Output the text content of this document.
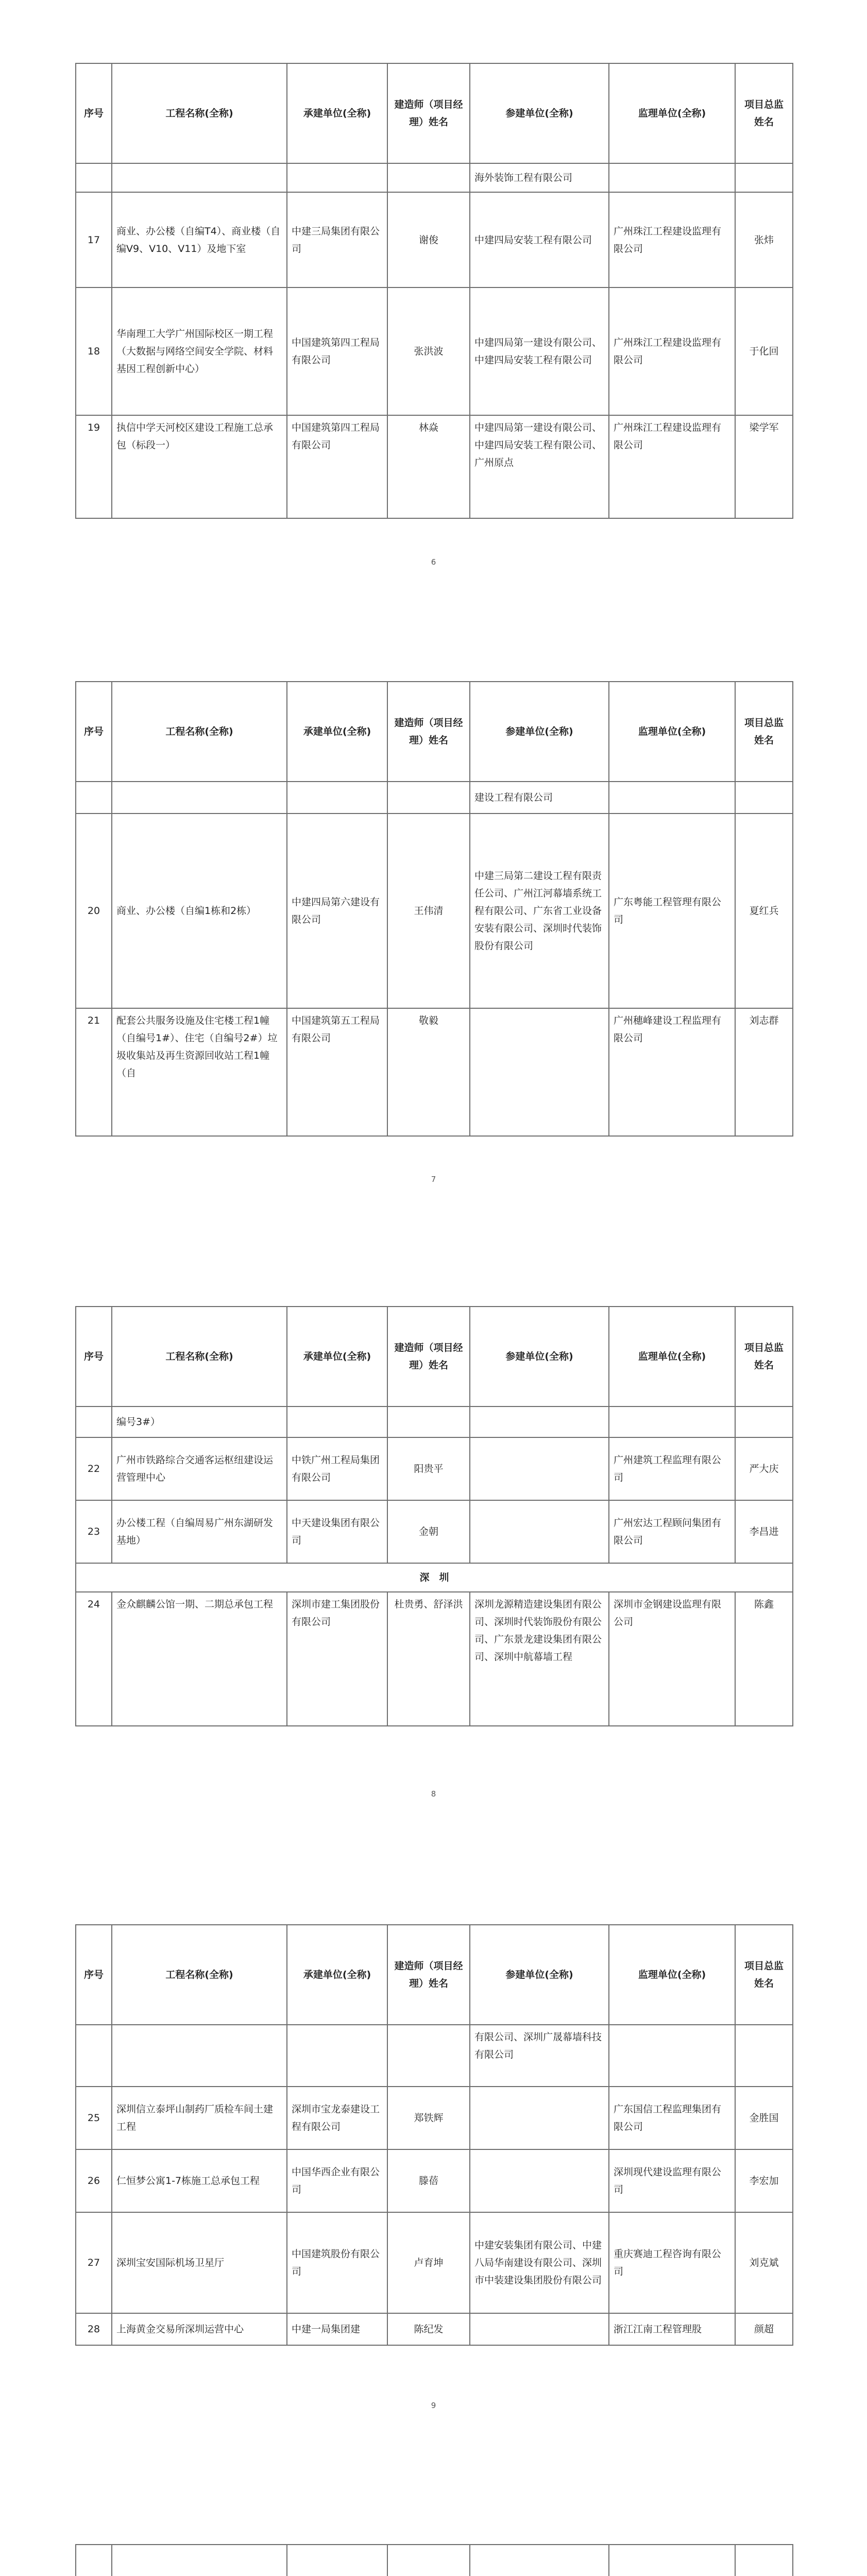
序号	工程名称(全称)	承建单位(全称)	建造师（项目经理）姓名	参建单位(全称)	监理单位(全称)	项目总监姓名
				海外装饰工程有限公司		
17	商业、办公楼（自编T4）、商业楼（自编V9、V10、V11）及地下室	中建三局集团有限公司	谢俊	中建四局安装工程有限公司	广州珠江工程建设监理有限公司	张炜
18	华南理工大学广州国际校区一期工程（大数据与网络空间安全学院、材料基因工程创新中心）	中国建筑第四工程局有限公司	张洪波	中建四局第一建设有限公司、中建四局安装工程有限公司	广州珠江工程建设监理有限公司	于化回
19	执信中学天河校区建设工程施工总承包（标段一）	中国建筑第四工程局有限公司	林焱	中建四局第一建设有限公司、中建四局安装工程有限公司、广州原点	广州珠江工程建设监理有限公司	梁学军
6
序号	工程名称(全称)	承建单位(全称)	建造师（项目经理）姓名	参建单位(全称)	监理单位(全称)	项目总监姓名
				建设工程有限公司		
20	商业、办公楼（自编1栋和2栋）	中建四局第六建设有限公司	王伟清	中建三局第二建设工程有限责任公司、广州江河幕墙系统工程有限公司、广东省工业设备安装有限公司、深圳时代装饰股份有限公司	广东粤能工程管理有限公司	夏红兵
21	配套公共服务设施及住宅楼工程1幢（自编号1#）、住宅（自编号2#）垃圾收集站及再生资源回收站工程1幢（自	中国建筑第五工程局有限公司	敬毅		广州穗峰建设工程监理有限公司	刘志群
7
序号	工程名称(全称)	承建单位(全称)	建造师（项目经理）姓名	参建单位(全称)	监理单位(全称)	项目总监姓名
	编号3#）					
22	广州市铁路综合交通客运枢纽建设运营管理中心	中铁广州工程局集团有限公司	阳贵平		广州建筑工程监理有限公司	严大庆
23	办公楼工程（自编周易广州东湖研发基地）	中天建设集团有限公司	金朝		广州宏达工程顾问集团有限公司	李昌进
深　圳						
24	金众麒麟公馆一期、二期总承包工程	深圳市建工集团股份有限公司	杜贵勇、舒泽洪	深圳龙源精造建设集团有限公司、深圳时代装饰股份有限公司、广东景龙建设集团有限公司、深圳中航幕墙工程	深圳市金钢建设监理有限公司	陈鑫
8
序号	工程名称(全称)	承建单位(全称)	建造师（项目经理）姓名	参建单位(全称)	监理单位(全称)	项目总监姓名
				有限公司、深圳广晟幕墙科技有限公司		
25	深圳信立泰坪山制药厂质检车间土建工程	深圳市宝龙泰建设工程有限公司	郑铁辉		广东国信工程监理集团有限公司	金胜国
26	仁恒梦公寓1-7栋施工总承包工程	中国华西企业有限公司	滕蓓		深圳现代建设监理有限公司	李宏加
27	深圳宝安国际机场卫星厅	中国建筑股份有限公司	卢育坤	中建安装集团有限公司、中建八局华南建设有限公司、深圳市中装建设集团股份有限公司	重庆赛迪工程咨询有限公司	刘克斌
28	上海黄金交易所深圳运营中心	中建一局集团建	陈纪发		浙江江南工程管理股	颜超
9
